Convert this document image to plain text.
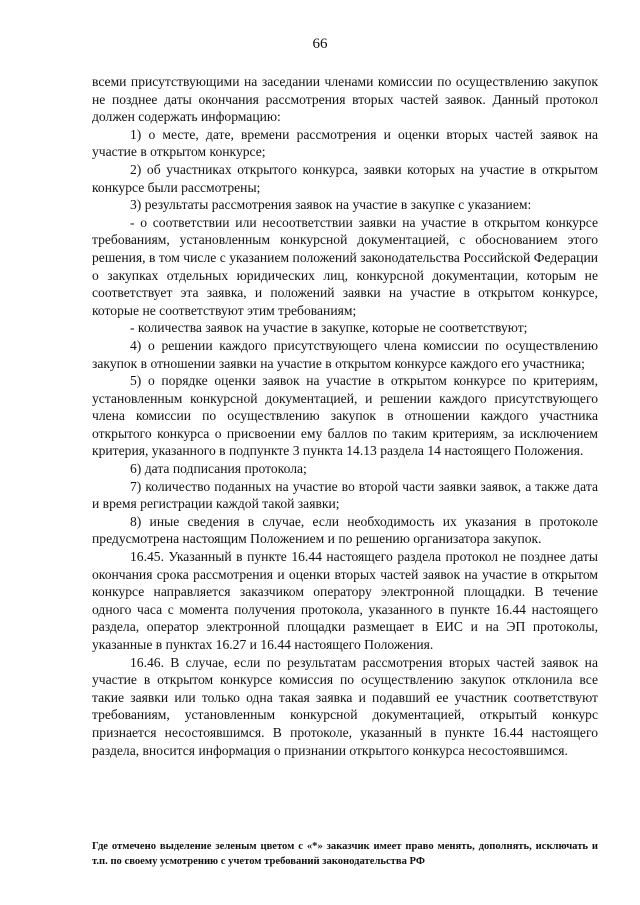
66

всеми присутствующими на заседании членами комиссии по осуществлению закупок не позднее даты окончания рассмотрения вторых частей заявок. Данный протокол должен содержать информацию:

1) о месте, дате, времени рассмотрения и оценки вторых частей заявок на участие в открытом конкурсе;

2) об участниках открытого конкурса, заявки которых на участие в открытом конкурсе были рассмотрены;

3) результаты рассмотрения заявок на участие в закупке с указанием:

- о соответствии или несоответствии заявки на участие в открытом конкурсе требованиям, установленным конкурсной документацией, с обоснованием этого решения, в том числе с указанием положений законодательства Российской Федерации о закупках отдельных юридических лиц, конкурсной документации, которым не соответствует эта заявка, и положений заявки на участие в открытом конкурсе, которые не соответствуют этим требованиям;

- количества заявок на участие в закупке, которые не соответствуют;

4) о решении каждого присутствующего члена комиссии по осуществлению закупок в отношении заявки на участие в открытом конкурсе каждого его участника;

5) о порядке оценки заявок на участие в открытом конкурсе по критериям, установленным конкурсной документацией, и решении каждого присутствующего члена комиссии по осуществлению закупок в отношении каждого участника открытого конкурса о присвоении ему баллов по таким критериям, за исключением критерия, указанного в подпункте 3 пункта 14.13 раздела 14 настоящего Положения.

6) дата подписания протокола;

7) количество поданных на участие во второй части заявки заявок, а также дата и время регистрации каждой такой заявки;

8) иные сведения в случае, если необходимость их указания в протоколе предусмотрена настоящим Положением и по решению организатора закупок.

16.45. Указанный в пункте 16.44 настоящего раздела протокол не позднее даты окончания срока рассмотрения и оценки вторых частей заявок на участие в открытом конкурсе направляется заказчиком оператору электронной площадки. В течение одного часа с момента получения протокола, указанного в пункте 16.44 настоящего раздела, оператор электронной площадки размещает в ЕИС и на ЭП протоколы, указанные в пунктах 16.27 и 16.44 настоящего Положения.

16.46. В случае, если по результатам рассмотрения вторых частей заявок на участие в открытом конкурсе комиссия по осуществлению закупок отклонила все такие заявки или только одна такая заявка и подавший ее участник соответствуют требованиям, установленным конкурсной документацией, открытый конкурс признается несостоявшимся. В протоколе, указанный в пункте 16.44 настоящего раздела, вносится информация о признании открытого конкурса несостоявшимся.

Где отмечено выделение зеленым цветом с «*» заказчик имеет право менять, дополнять, исключать и т.п. по своему усмотрению с учетом требований законодательства РФ
